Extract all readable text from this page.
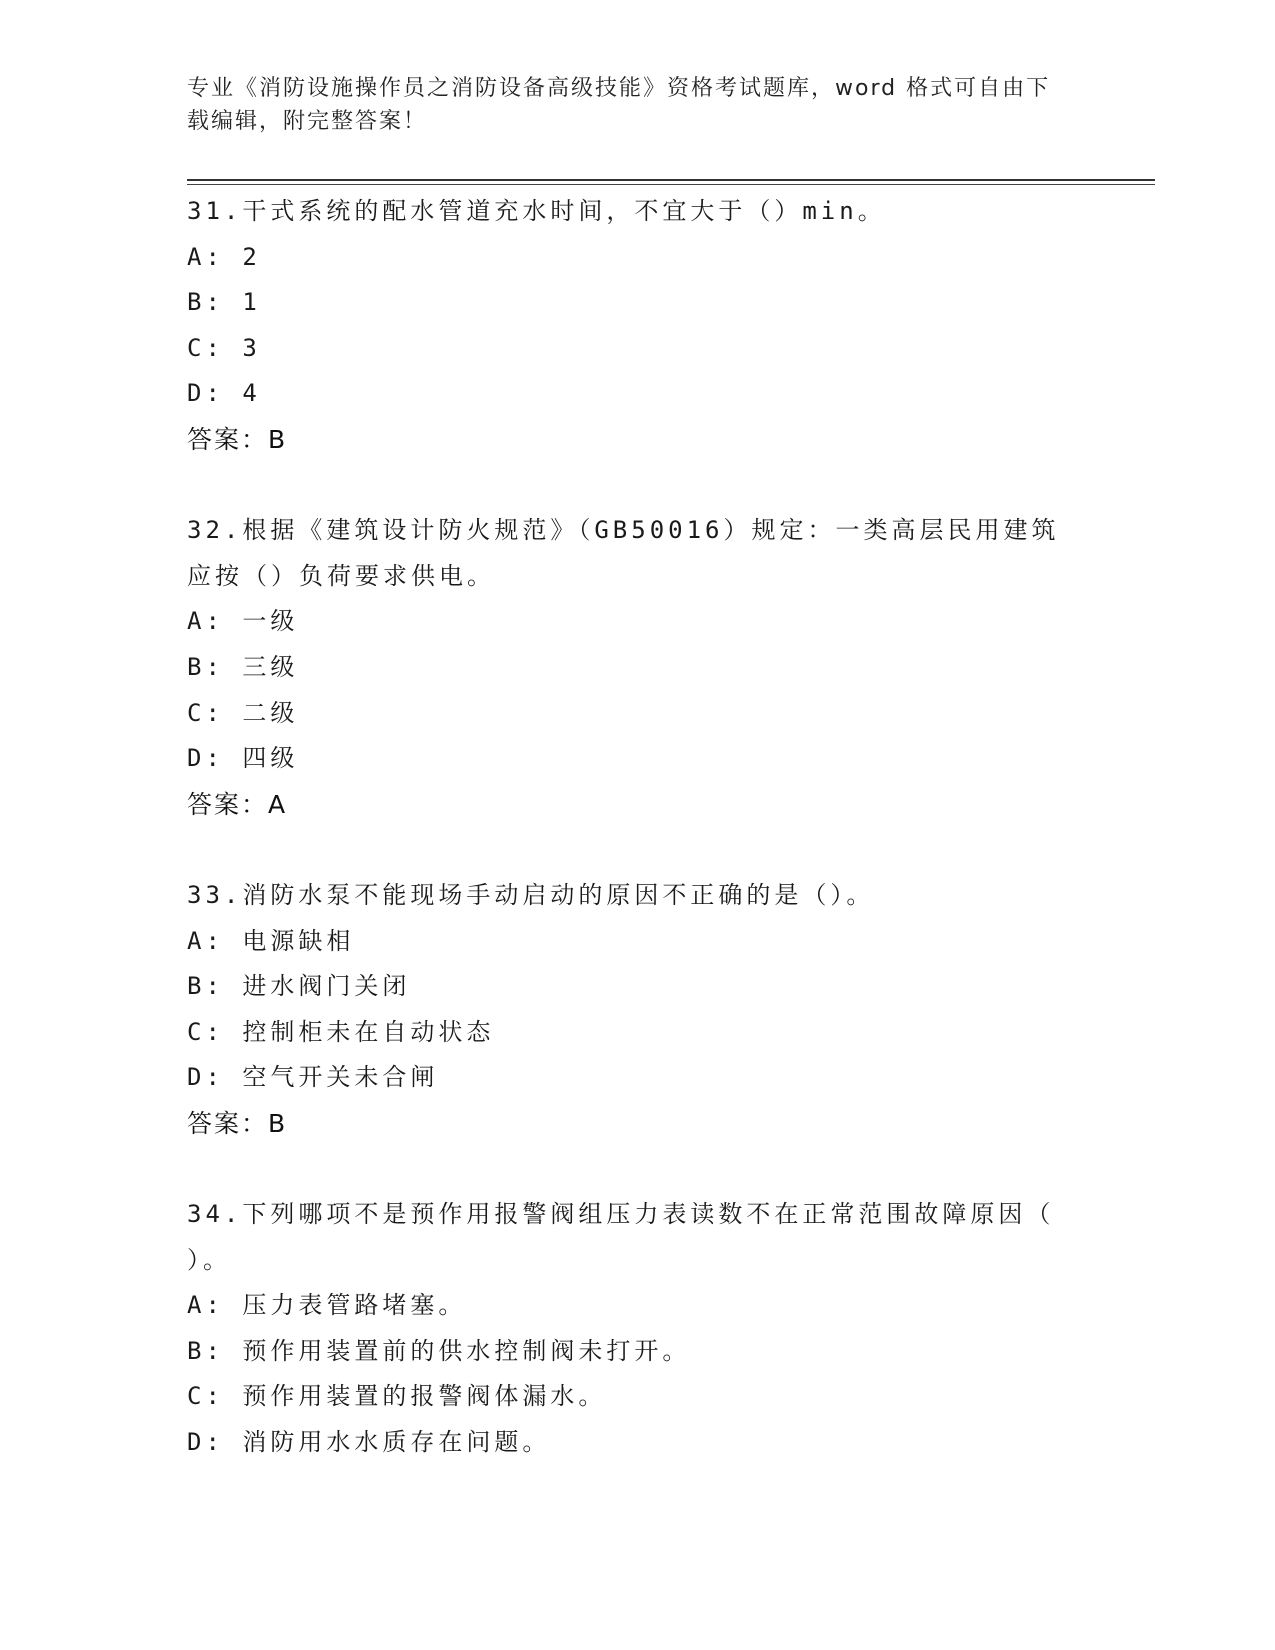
专业《消防设施操作员之消防设备高级技能》资格考试题库，word 格式可自由下
载编辑，附完整答案！
31.干式系统的配水管道充水时间，不宜大于（）min。
A: 2
B: 1
C: 3
D: 4
答案：B
32.根据《建筑设计防火规范》（GB50016）规定：一类高层民用建筑
应按（）负荷要求供电。
A: 一级
B: 三级
C: 二级
D: 四级
答案：A
33.消防水泵不能现场手动启动的原因不正确的是（）。
A: 电源缺相
B: 进水阀门关闭
C: 控制柜未在自动状态
D: 空气开关未合闸
答案：B
34.下列哪项不是预作用报警阀组压力表读数不在正常范围故障原因（
）。
A: 压力表管路堵塞。
B: 预作用装置前的供水控制阀未打开。
C: 预作用装置的报警阀体漏水。
D: 消防用水水质存在问题。
